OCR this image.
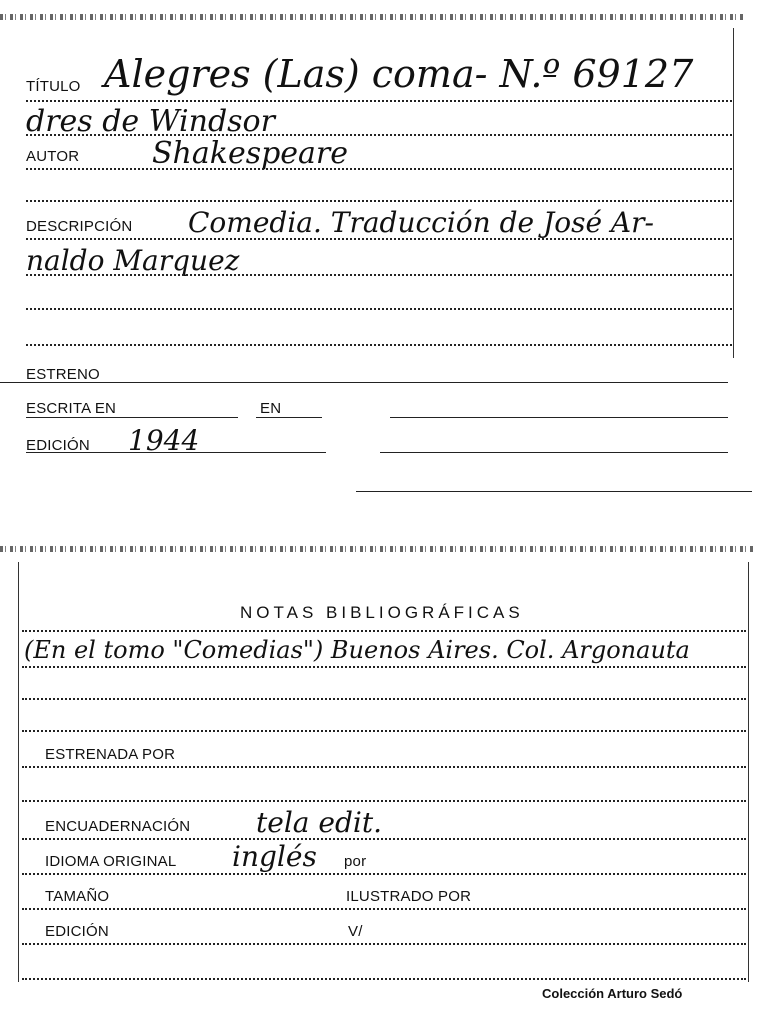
TÍTULO Alegres (Las) coma- N.º 69127
dres de Windsor
AUTOR Shakespeare
DESCRIPCIÓN Comedia. Traducción de José Ar-
naldo Marquez
ESTRENO
ESCRITA EN	EN
EDICIÓN 1944
NOTAS BIBLIOGRÁFICAS
(En el tomo "Comedias") Buenos Aires. Col. Argonauta
ESTRENADA POR
ENCUADERNACIÓN tela edit.
IDIOMA ORIGINAL inglés por
TAMAÑO	ILUSTRADO POR
EDICIÓN	V/
Colección Arturo Sedó
